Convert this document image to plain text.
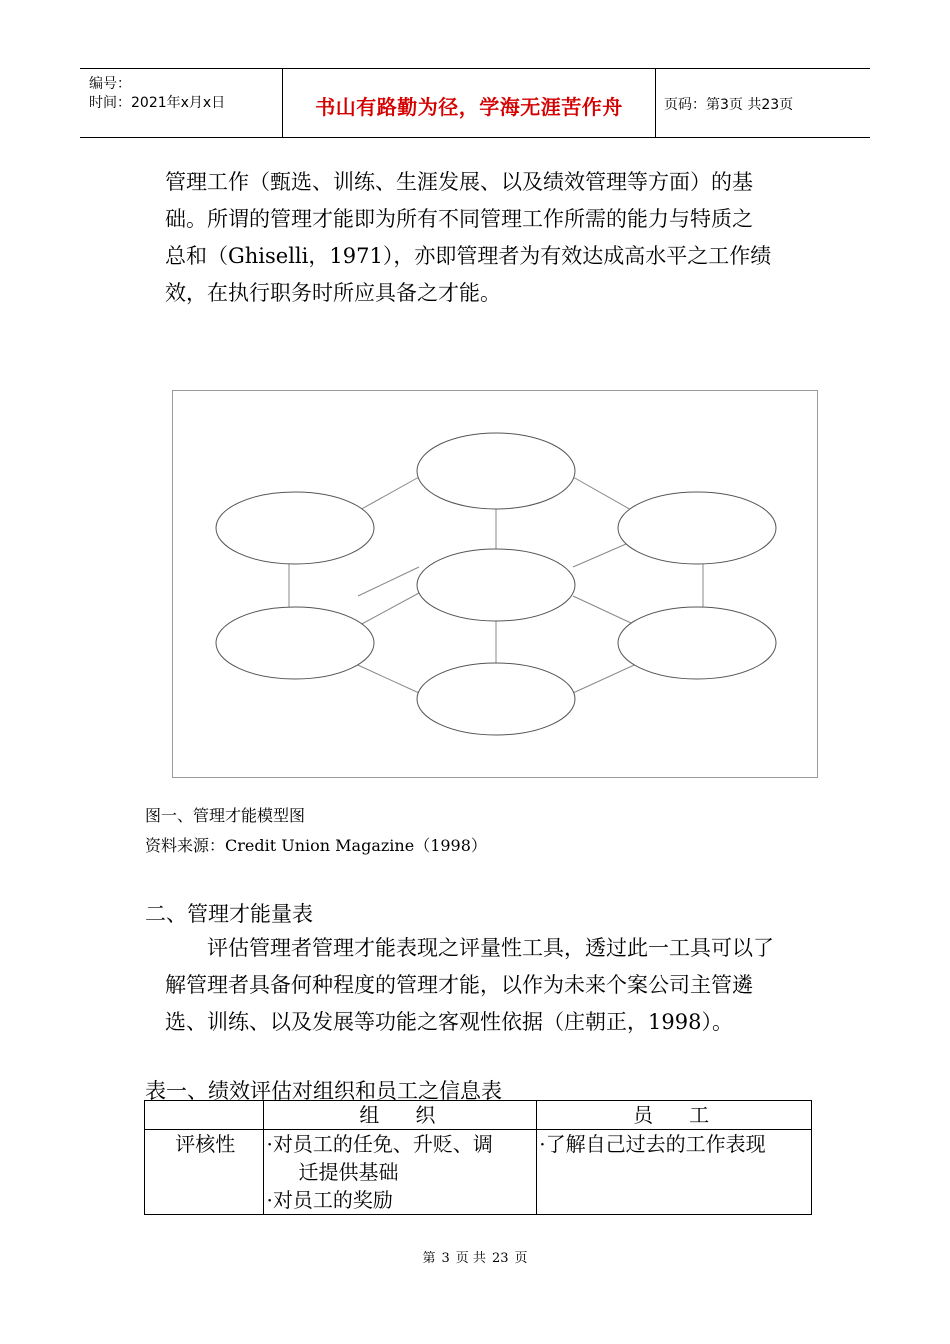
编号：
时间：2021年x月x日	书山有路勤为径，学海无涯苦作舟	页码：第3页 共23页
管理工作（甄选、训练、生涯发展、以及绩效管理等方面）的基
础。所谓的管理才能即为所有不同管理工作所需的能力与特质之
总和（Ghiselli，1971），亦即管理者为有效达成高水平之工作绩
效，在执行职务时所应具备之才能。
图一、管理才能模型图
资料来源：Credit Union Magazine（1998）
二、管理才能量表
　　评估管理者管理才能表现之评量性工具，透过此一工具可以了
解管理者具备何种程度的管理才能，以作为未来个案公司主管遴
选、训练、以及发展等功能之客观性依据（庄朝正，1998）。
表一、绩效评估对组织和员工之信息表
	组　织	员　工
评核性	·对员工的任免、升贬、调
迁提供基础
·对员工的奖励	·了解自己过去的工作表现
第 3 页 共 23 页
